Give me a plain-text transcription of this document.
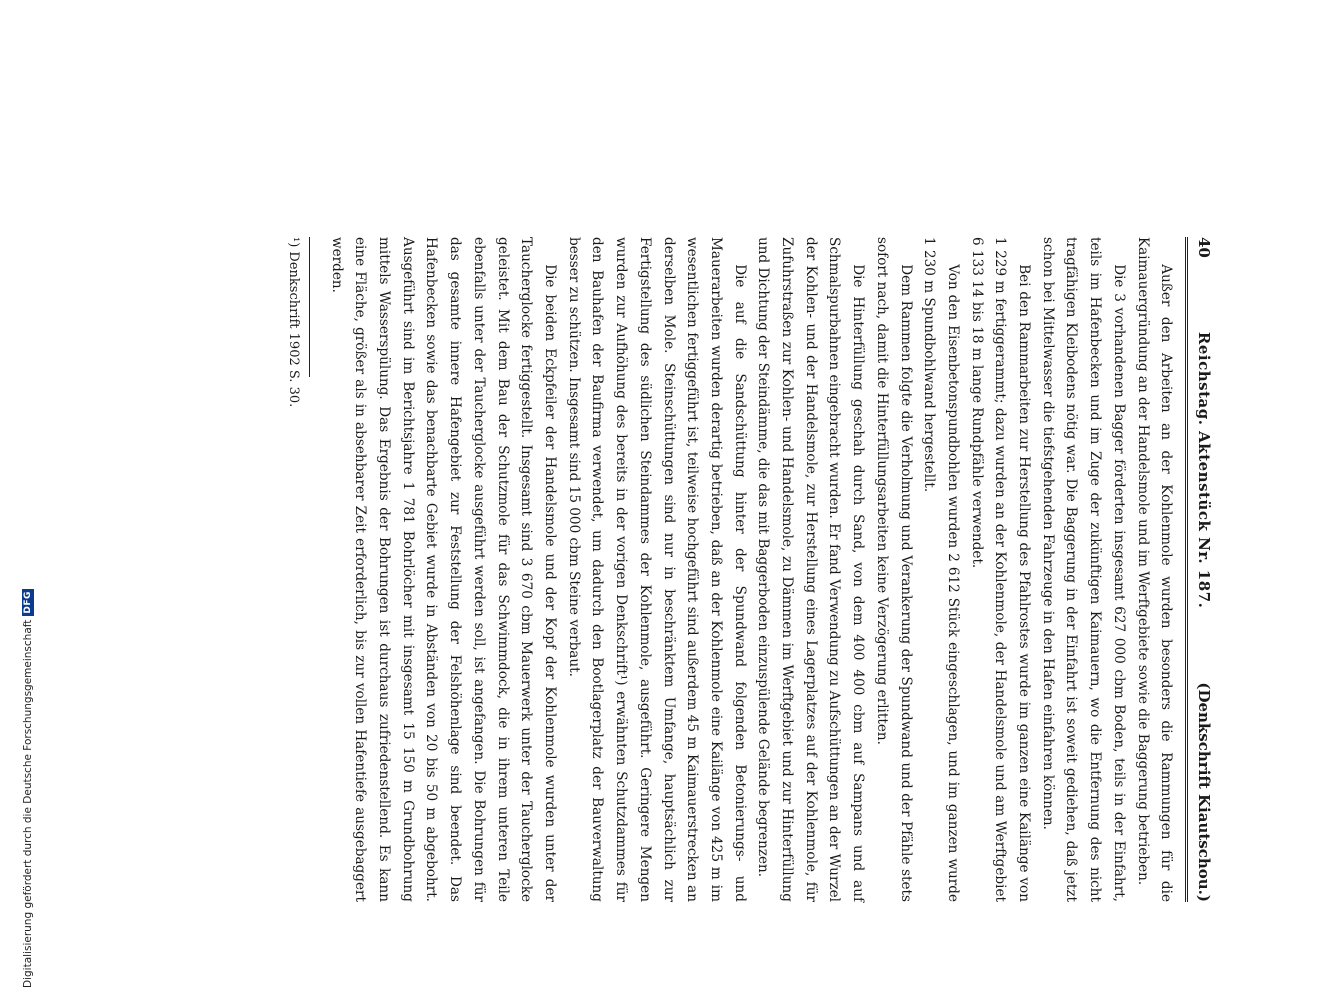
40
Reichstag. Aktenstück Nr. 187.
(Denkschrift Kiautschou.)

Außer den Arbeiten an der Kohlenmole wurden besonders die Rammungen für die Kaimauergründung an der Handelsmole und im Werftgebiete sowie die Baggerung betrieben.

Die 3 vorhandenen Bagger förderten insgesamt 627 000 cbm Boden, teils in der Einfahrt, teils im Hafenbecken und im Zuge der zukünftigen Kaimauern, wo die Entfernung des nicht tragfähigen Kleibodens nötig war. Die Baggerung in der Einfahrt ist soweit gediehen, daß jetzt schon bei Mittelwasser die tiefstgehenden Fahrzeuge in den Hafen einfahren können.

Bei den Rammarbeiten zur Herstellung des Pfahlrostes wurde im ganzen eine Kailänge von 1 229 m fertiggerammt; dazu wurden an der Kohlenmole, der Handelsmole und am Werftgebiet 6 133 14 bis 18 m lange Rundpfähle verwendet.

Von den Eisenbetonspundbohlen wurden 2 612 Stück eingeschlagen, und im ganzen wurde 1 230 m Spundbohlwand hergestellt.

Dem Rammen folgte die Verholmung und Verankerung der Spundwand und der Pfähle stets sofort nach, damit die Hinterfüllungsarbeiten keine Verzögerung erlitten.

Die Hinterfüllung geschah durch Sand, von dem 400 400 cbm auf Sampans und auf Schmalspurbahnen eingebracht wurden. Er fand Verwendung zu Aufschüttungen an der Wurzel der Kohlen- und der Handelsmole, zur Herstellung eines Lagerplatzes auf der Kohlenmole, für Zufuhrstraßen zur Kohlen- und Handelsmole, zu Dämmen im Werftgebiet und zur Hinterfüllung und Dichtung der Steindämme, die das mit Baggerboden einzuspülende Gelände begrenzen.

Die auf die Sandschüttung hinter der Spundwand folgenden Betonierungs- und Mauerarbeiten wurden derartig betrieben, daß an der Kohlenmole eine Kailänge von 425 m im wesentlichen fertiggeführt ist, teilweise hochgeführt sind außerdem 45 m Kaimauerstrecken an derselben Mole. Steinschüttungen sind nur in beschränktem Umfange, hauptsächlich zur Fertigstellung des südlichen Steindammes der Kohlenmole, ausgeführt. Geringere Mengen wurden zur Aufhöhung des bereits in der vorigen Denkschrift¹) erwähnten Schutzdammes für den Bauhafen der Baufirma verwendet, um dadurch den Bootlagerplatz der Bauverwaltung besser zu schützen. Insgesamt sind 15 000 cbm Steine verbaut.

Die beiden Eckpfeiler der Handelsmole und der Kopf der Kohlenmole wurden unter der Taucherglocke fertiggestellt. Insgesamt sind 3 670 cbm Mauerwerk unter der Taucherglocke geleistet. Mit dem Bau der Schutzmole für das Schwimmdock, die in ihrem unteren Teile ebenfalls unter der Taucherglocke ausgeführt werden soll, ist angefangen. Die Bohrungen für das gesamte innere Hafengebiet zur Feststellung der Felshöhenlage sind beendet. Das Hafenbecken sowie das benachbarte Gebiet wurde in Abständen von 20 bis 50 m abgebohrt. Ausgeführt sind im Berichtsjahre 1 781 Bohrlöcher mit insgesamt 15 150 m Grundbohrung mittels Wasserspülung. Das Ergebnis der Bohrungen ist durchaus zufriedenstellend. Es kann eine Fläche, größer als in absehbarer Zeit erforderlich, bis zur vollen Hafentiefe ausgebaggert werden.

¹) Denkschrift 1902 S. 30.

Digitalisierung gefördert durch die Deutsche Forschungsgemeinschaft
DFG
